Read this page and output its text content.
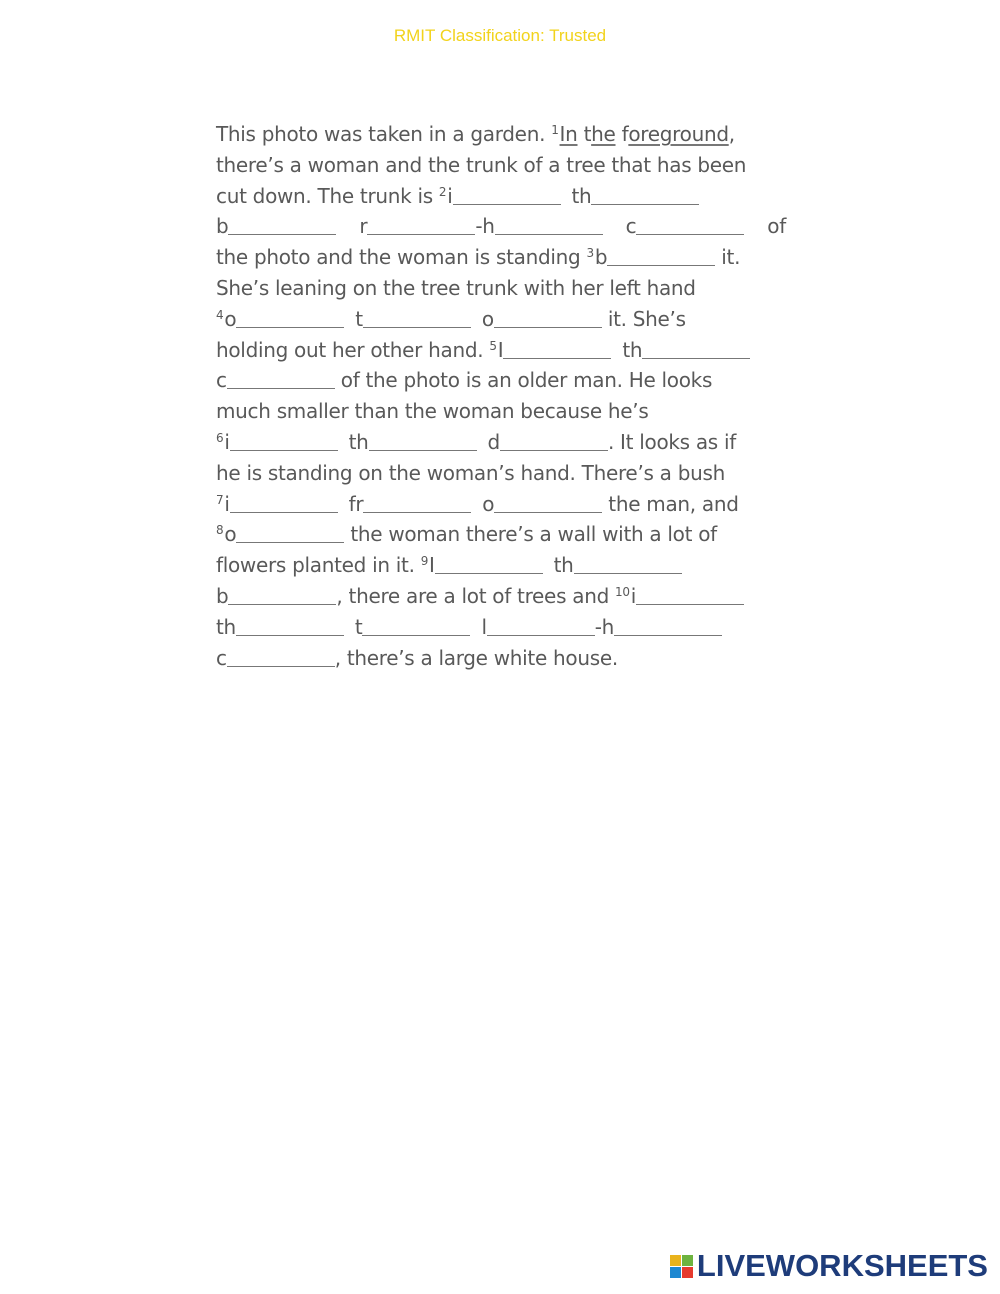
RMIT Classification: Trusted
This photo was taken in a garden. $^1$In the foreground,
there’s a woman and the trunk of a tree that has been
cut down. The trunk is $^2$i	th
b	r	-h	c	of
the photo and the woman is standing $^3$b	it.
She’s leaning on the tree trunk with her left hand
$^4$o	t	o	it. She’s
holding out her other hand. $^5$I	th
c	of the photo is an older man. He looks
much smaller than the woman because he’s
$^6$i	th	d	. It looks as if
he is standing on the woman’s hand. There’s a bush
$^7$i	fr	o	the man, and
$^8$o	the woman there’s a wall with a lot of
flowers planted in it. $^9$I	th
b	, there are a lot of trees and $^{10}$i
th	t	l	-h
c	, there’s a large white house.
LIVEWORKSHEETS
